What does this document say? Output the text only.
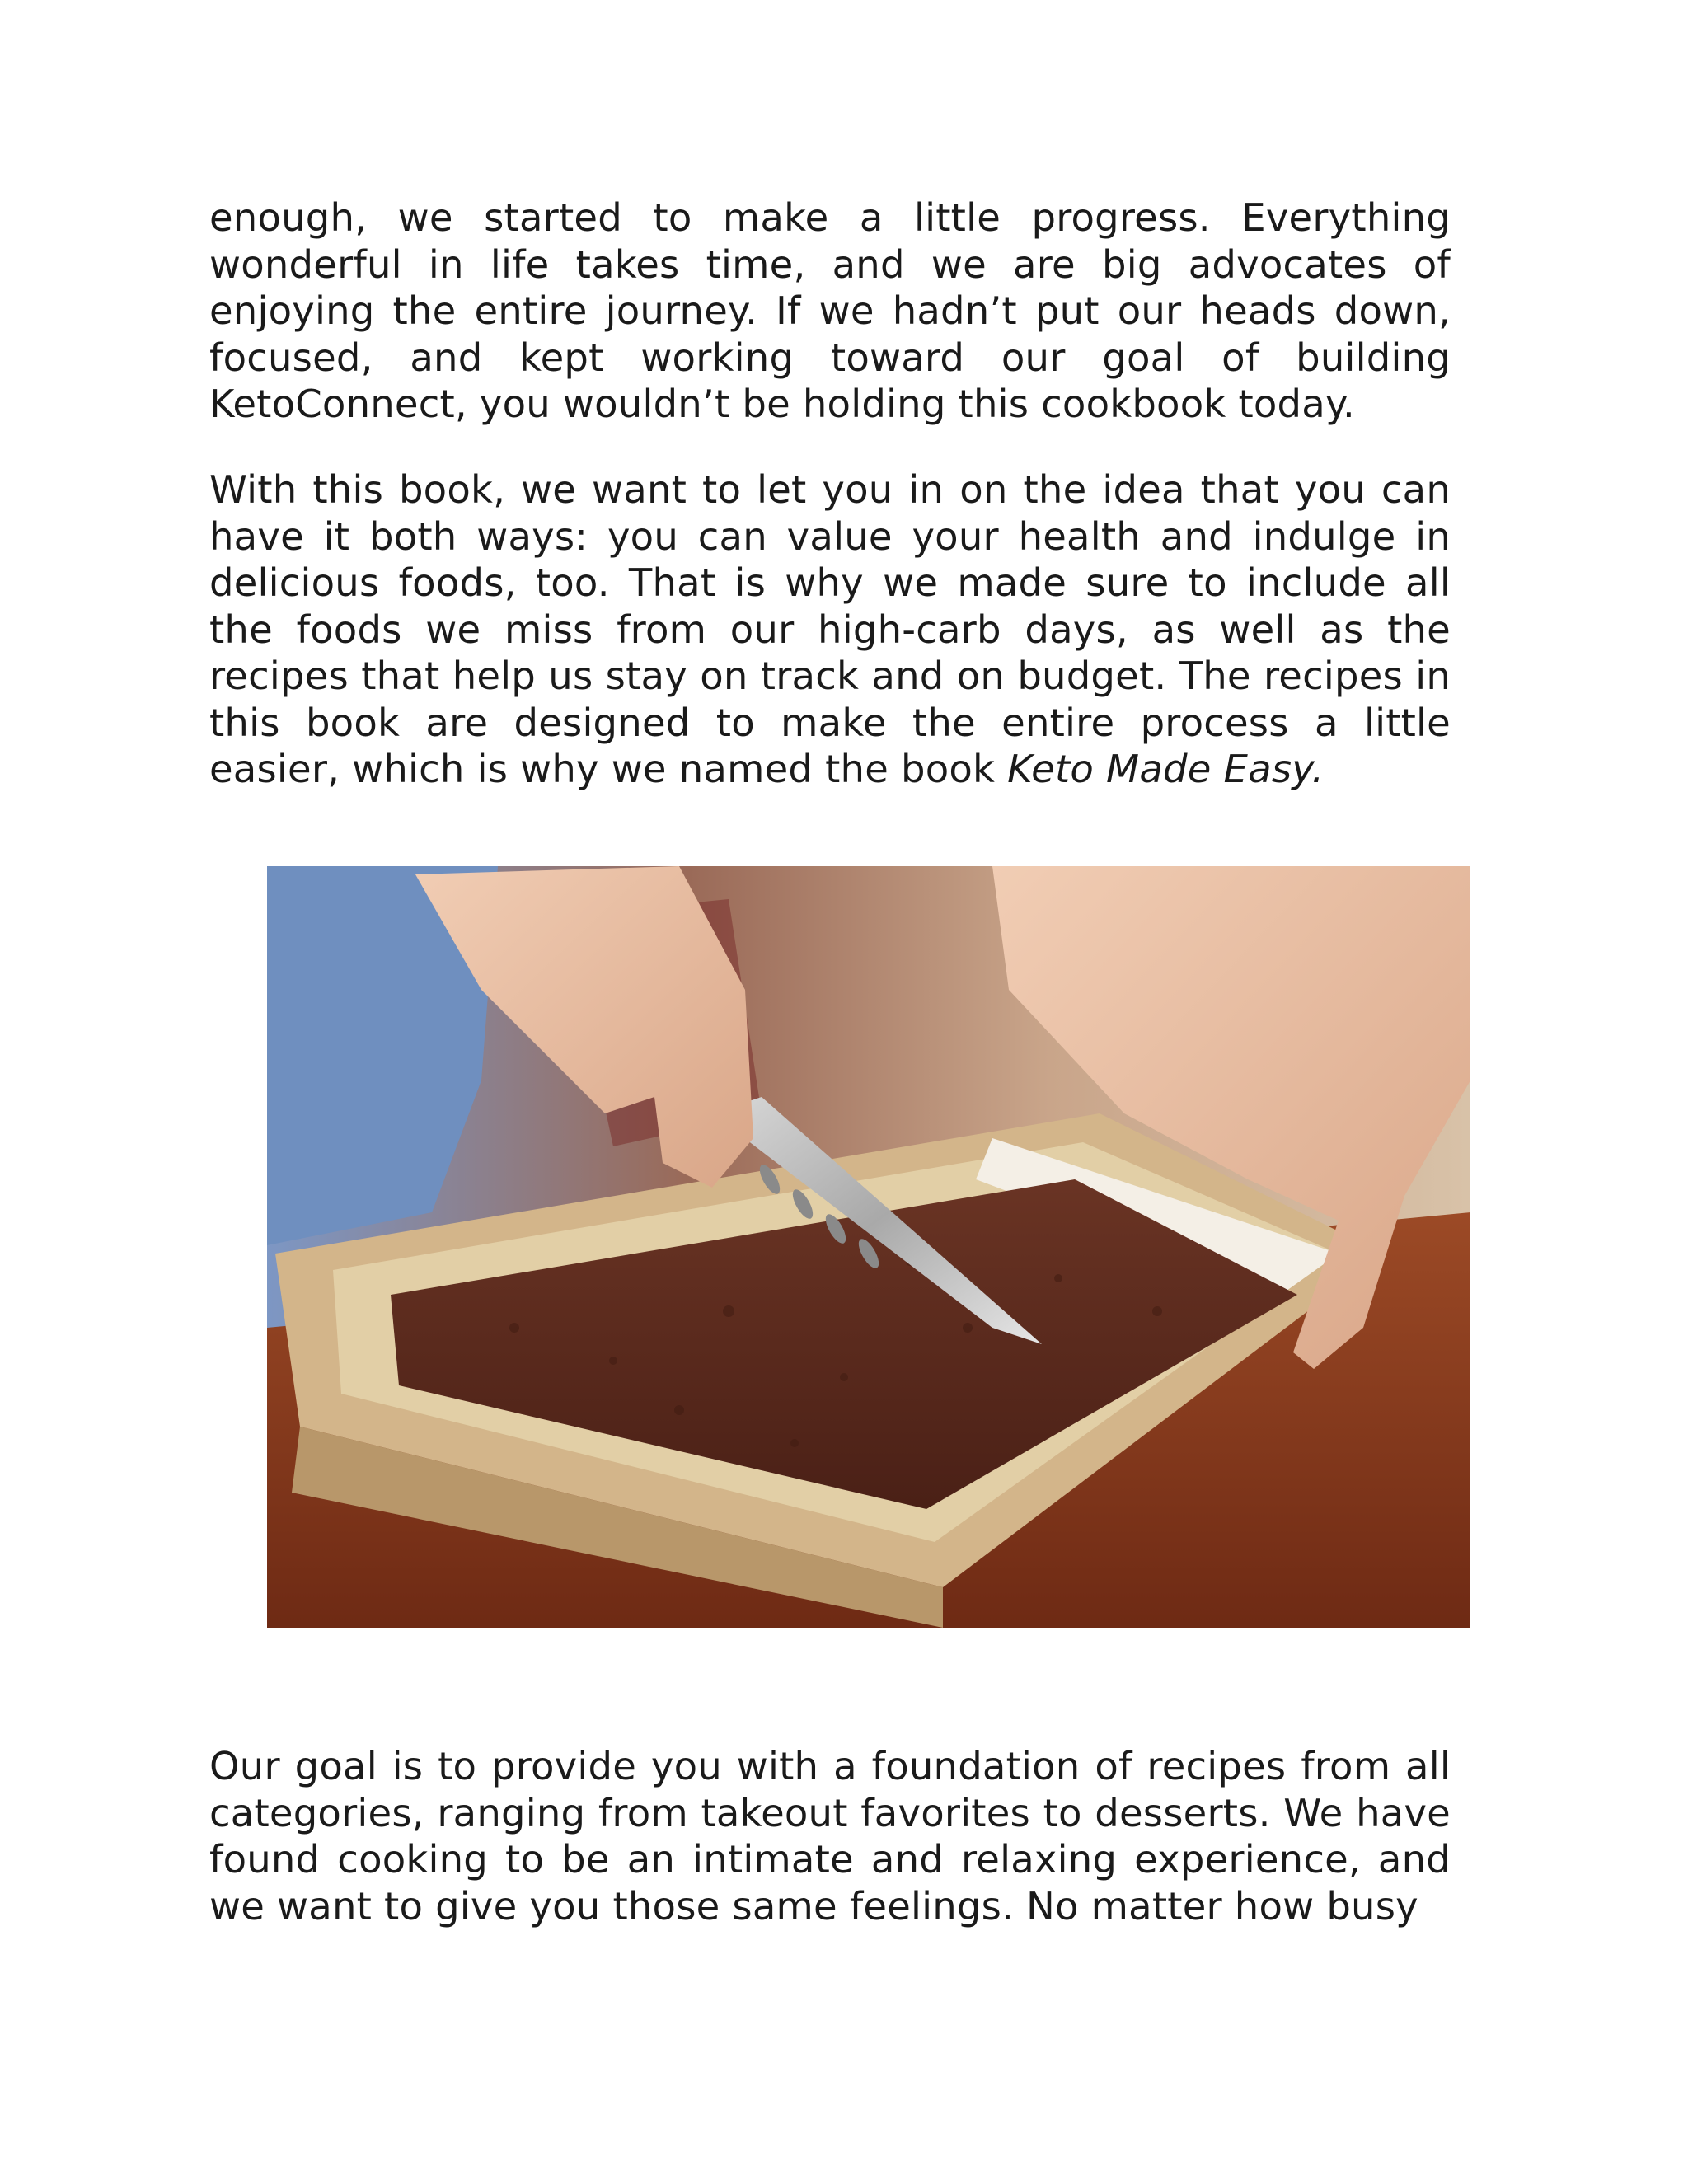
enough, we started to make a little progress. Everything wonderful in life takes time, and we are big advocates of enjoying the entire journey. If we hadn’t put our heads down, focused, and kept working toward our goal of building KetoConnect, you wouldn’t be holding this cookbook today.

With this book, we want to let you in on the idea that you can have it both ways: you can value your health and indulge in delicious foods, too. That is why we made sure to include all the foods we miss from our high-carb days, as well as the recipes that help us stay on track and on budget. The recipes in this book are designed to make the entire process a little easier, which is why we named the book Keto Made Easy.

Our goal is to provide you with a foundation of recipes from all categories, ranging from takeout favorites to desserts. We have found cooking to be an intimate and relaxing experience, and we want to give you those same feelings. No matter how busy
